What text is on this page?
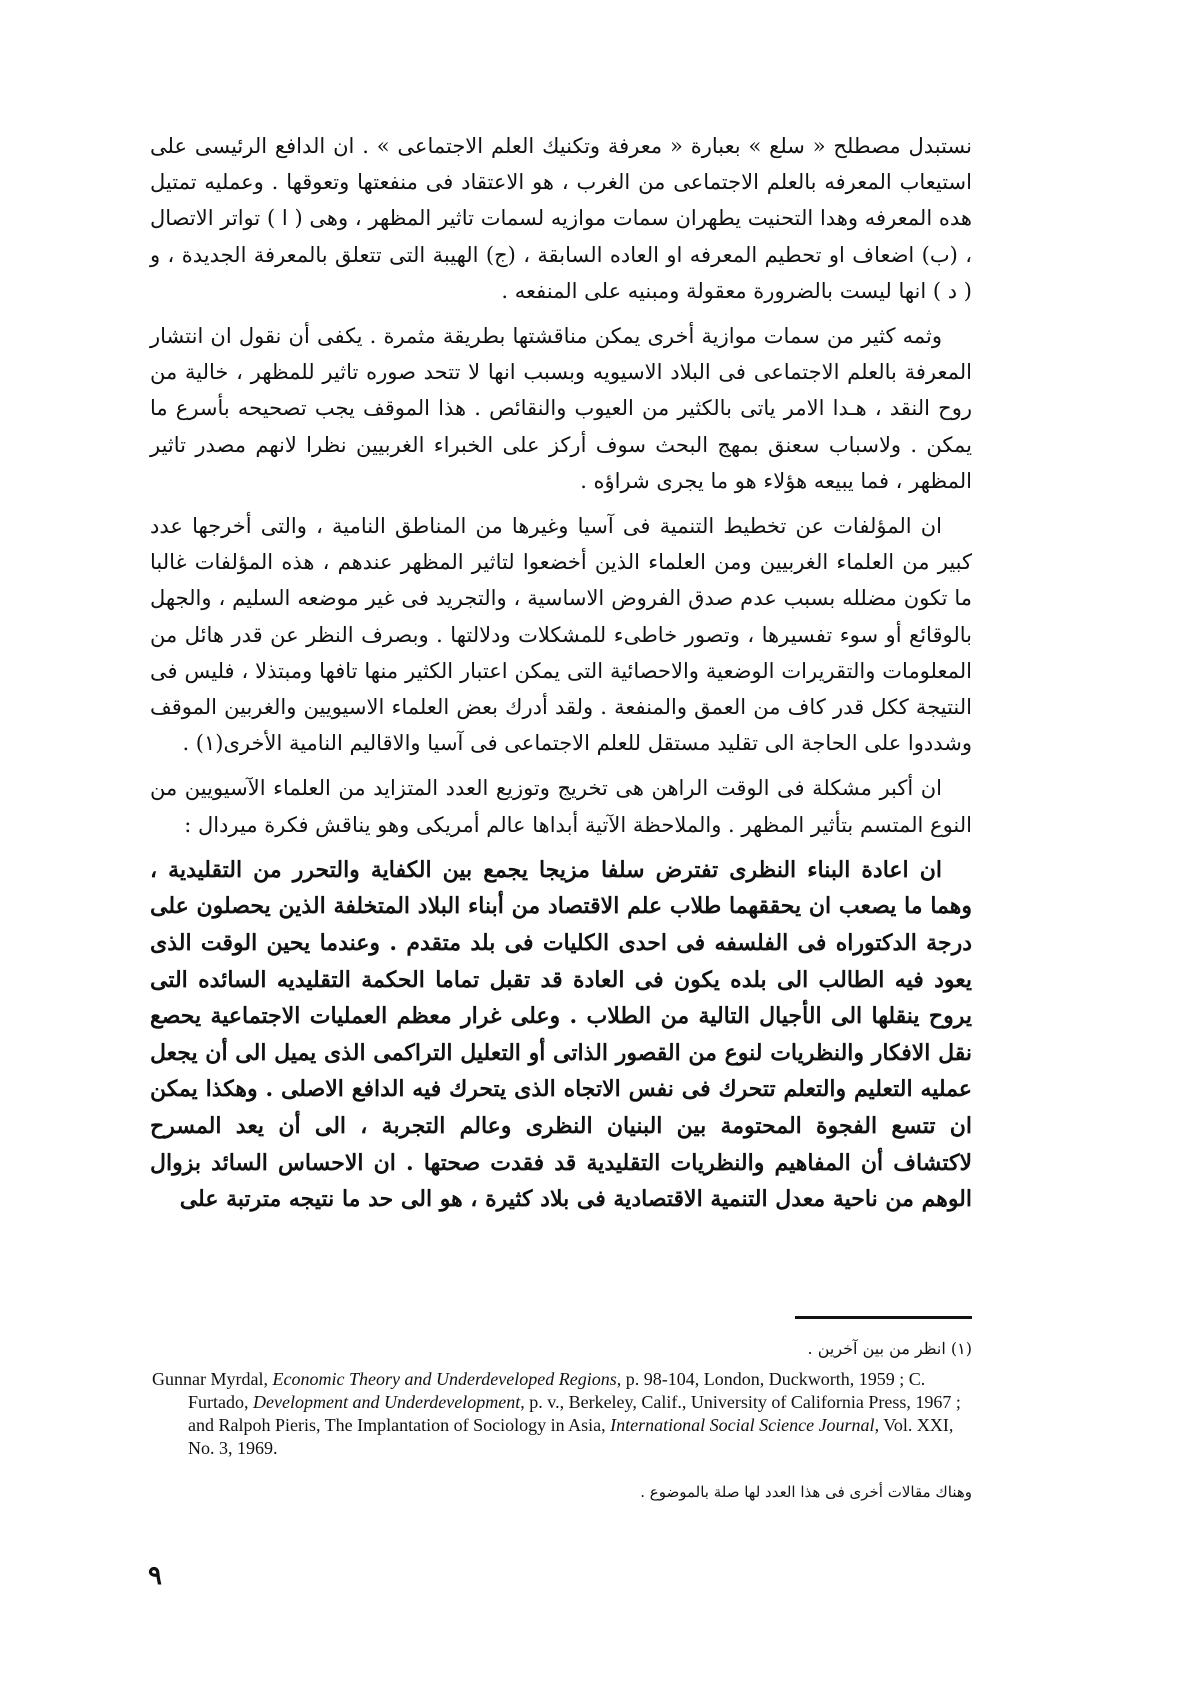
نستبدل مصطلح « سلع » بعبارة « معرفة وتكنيك العلم الاجتماعى » . ان الدافع الرئيسى على استيعاب المعرفه بالعلم الاجتماعى من الغرب ، هو الاعتقاد فى منفعتها وتعوقها . وعمليه تمتيل هده المعرفه وهدا التحنيت يطهران سمات موازيه لسمات تاثير المظهر ، وهى ( ا ) تواتر الاتصال ، (ب) اضعاف او تحطيم المعرفه او العاده السابقة ، (ج) الهيبة التى تتعلق بالمعرفة الجديدة ، و ( د ) انها ليست بالضرورة معقولة ومبنيه على المنفعه .

وثمه كثير من سمات موازية أخرى يمكن مناقشتها بطريقة مثمرة . يكفى أن نقول ان انتشار المعرفة بالعلم الاجتماعى فى البلاد الاسيويه وبسبب انها لا تتحد صوره تاثير للمظهر ، خالية من روح النقد ، هـدا الامر ياتى بالكثير من العيوب والنقائص . هذا الموقف يجب تصحيحه بأسرع ما يمكن . ولاسباب سعنق بمهج البحث سوف أركز على الخبراء الغربيين نظرا لانهم مصدر تاثير المظهر ، فما يبيعه هؤلاء هو ما يجرى شراؤه .

ان المؤلفات عن تخطيط التنمية فى آسيا وغيرها من المناطق النامية ، والتى أخرجها عدد كبير من العلماء الغربيين ومن العلماء الذين أخضعوا لتاثير المظهر عندهم ، هذه المؤلفات غالبا ما تكون مضلله بسبب عدم صدق الفروض الاساسية ، والتجريد فى غير موضعه السليم ، والجهل بالوقائع أو سوء تفسيرها ، وتصور خاطىء للمشكلات ودلالتها . وبصرف النظر عن قدر هائل من المعلومات والتقريرات الوضعية والاحصائية التى يمكن اعتبار الكثير منها تافها ومبتذلا ، فليس فى النتيجة ككل قدر كاف من العمق والمنفعة . ولقد أدرك بعض العلماء الاسيويين والغربين الموقف وشددوا على الحاجة الى تقليد مستقل للعلم الاجتماعى فى آسيا والاقاليم النامية الأخرى(١) .

ان أكبر مشكلة فى الوقت الراهن هى تخريج وتوزيع العدد المتزايد من العلماء الآسيويين من النوع المتسم بتأثير المظهر . والملاحظة الآتية أبداها عالم أمريكى وهو يناقش فكرة ميردال :

ان اعادة البناء النظرى تفترض سلفا مزيجا يجمع بين الكفاية والتحرر من التقليدية ، وهما ما يصعب ان يحققهما طلاب علم الاقتصاد من أبناء البلاد المتخلفة الذين يحصلون على درجة الدكتوراه فى الفلسفه فى احدى الكليات فى بلد متقدم . وعندما يحين الوقت الذى يعود فيه الطالب الى بلده يكون فى العادة قد تقبل تماما الحكمة التقليديه السائده التى يروح ينقلها الى الأجيال التالية من الطلاب . وعلى غرار معظم العمليات الاجتماعية يحصع نقل الافكار والنظريات لنوع من القصور الذاتى أو التعليل التراكمى الذى يميل الى أن يجعل عمليه التعليم والتعلم تتحرك فى نفس الاتجاه الذى يتحرك فيه الدافع الاصلى . وهكذا يمكن ان تتسع الفجوة المحتومة بين البنيان النظرى وعالم التجربة ، الى أن يعد المسرح لاكتشاف أن المفاهيم والنظريات التقليدية قد فقدت صحتها . ان الاحساس السائد بزوال الوهم من ناحية معدل التنمية الاقتصادية فى بلاد كثيرة ، هو الى حد ما نتيجه مترتبة على

(١) انظر من بين آخرين .
Gunnar Myrdal, Economic Theory and Underdeveloped Regions, p. 98-104, London, Duckworth, 1959 ; C. Furtado, Development and Underdevelopment, p. v., Berkeley, Calif., University of California Press, 1967 ; and Ralpoh Pieris, The Implantation of Sociology in Asia, International Social Science Journal, Vol. XXI, No. 3, 1969.
وهناك مقالات أخرى فى هذا العدد لها صلة بالموضوع .
٩
